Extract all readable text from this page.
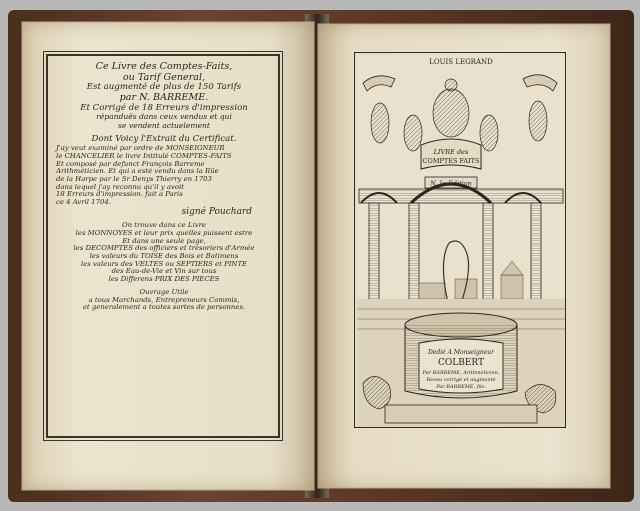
Ce Livre des Comptes-Faits,

ou Tarif General,

Est augmenté de plus de 150 Tarifs

par N. BARREME.

Et Corrigé de 18 Erreurs d'impression

répanduës dans ceux vendus et qui

se vendent actuelement

Dont Voicy l'Extrait du Certificat.

J'ay veut examiné par ordre de MONSEIGNEUR

le CHANCELIER le livre Intitulé COMPTES-FAITS

Et composé par defunct François Barreme

Arithméticien. Et qui a esté vendu dans la Rüe

de la Harpe par le Sr Denys Thierry en 1703

dans lequel j'ay reconnu qu'il y avoit

18 Erreurs d'impression. fait a Paris

ce 4 Avril 1704.

signé Pouchard

On trouve dans ce Livre

les MONNOYES et leur prix quelles puissent estre

Et dans une seule page,

les DECOMPTES des officiers et trésoriers d'Armée

les valeurs du TOISE des Bois et Batimens

les valeurs des VELTES ou SEPTIERS et PINTE

des Eau-de-Vie et Vin sur tous

les Differens PRIX DES PIECES

Ouvrage Utile

a tous Marchands, Entrepreneurs Commis,

et generalement a toutes sortes de personnes.

LOUIS LEGRAND
LIVRE des
COMPTES FAITS
N. Ie Edition
Dedié A Monseigneur
COLBERT
Par BARREME, Arithméticien,
Reveu corrigé et augmenté
Par BARREME, fils.
